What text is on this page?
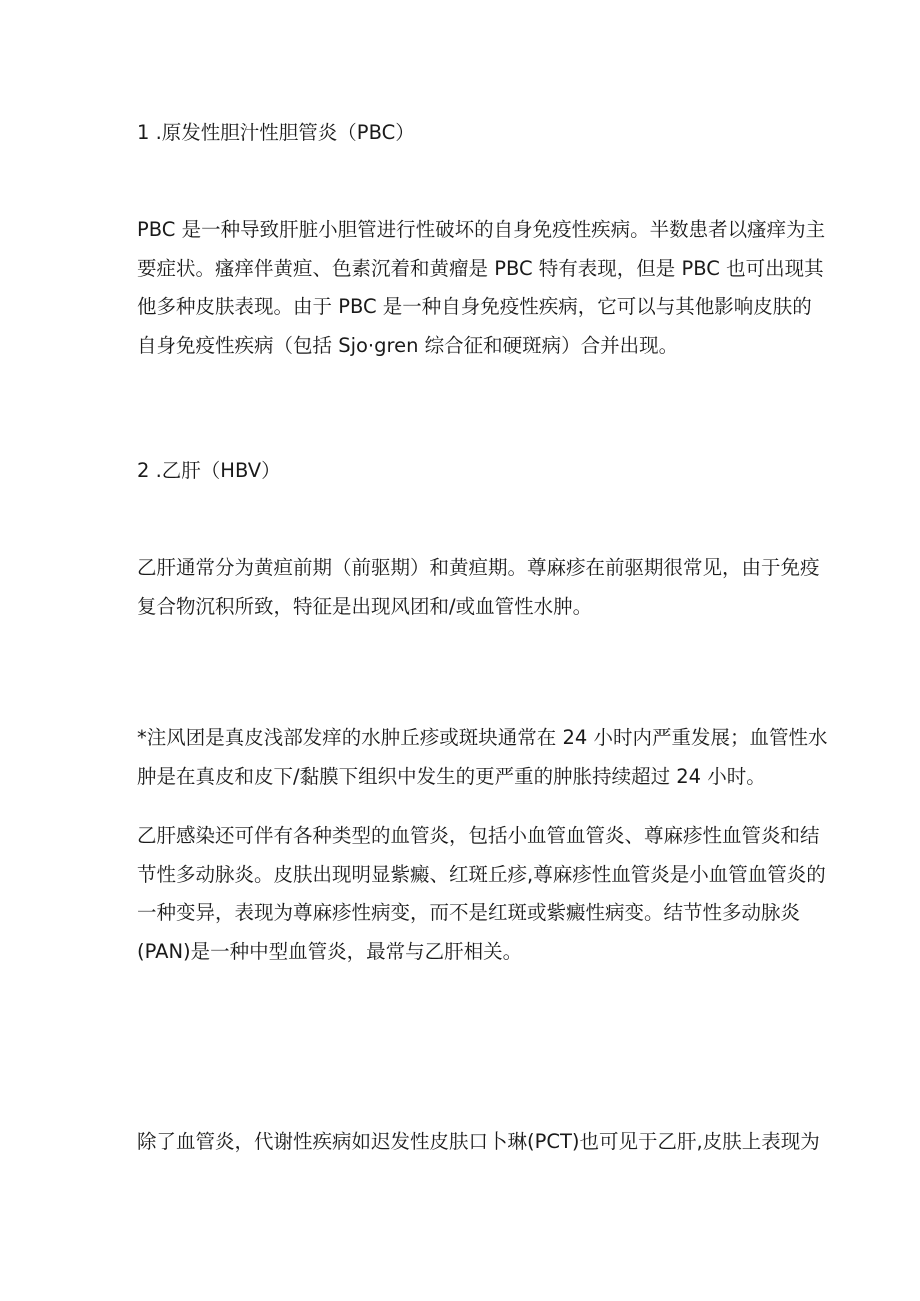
1 .原发性胆汁性胆管炎（PBC）

PBC 是一种导致肝脏小胆管进行性破坏的自身免疫性疾病。半数患者以瘙痒为主
要症状。瘙痒伴黄疸、色素沉着和黄瘤是 PBC 特有表现，但是 PBC 也可出现其
他多种皮肤表现。由于 PBC 是一种自身免疫性疾病，它可以与其他影响皮肤的
自身免疫性疾病（包括 Sjo·gren 综合征和硬斑病）合并出现。

2 .乙肝（HBV）

乙肝通常分为黄疸前期（前驱期）和黄疸期。尊麻疹在前驱期很常见，由于免疫
复合物沉积所致，特征是出现风团和/或血管性水肿。

*注风团是真皮浅部发痒的水肿丘疹或斑块通常在 24 小时内严重发展；血管性水
肿是在真皮和皮下/黏膜下组织中发生的更严重的肿胀持续超过 24 小时。

乙肝感染还可伴有各种类型的血管炎，包括小血管血管炎、尊麻疹性血管炎和结
节性多动脉炎。皮肤出现明显紫癜、红斑丘疹,尊麻疹性血管炎是小血管血管炎的
一种变异，表现为尊麻疹性病变，而不是红斑或紫癜性病变。结节性多动脉炎
(PAN)是一种中型血管炎，最常与乙肝相关。

除了血管炎，代谢性疾病如迟发性皮肤口卜琳(PCT)也可见于乙肝,皮肤上表现为
